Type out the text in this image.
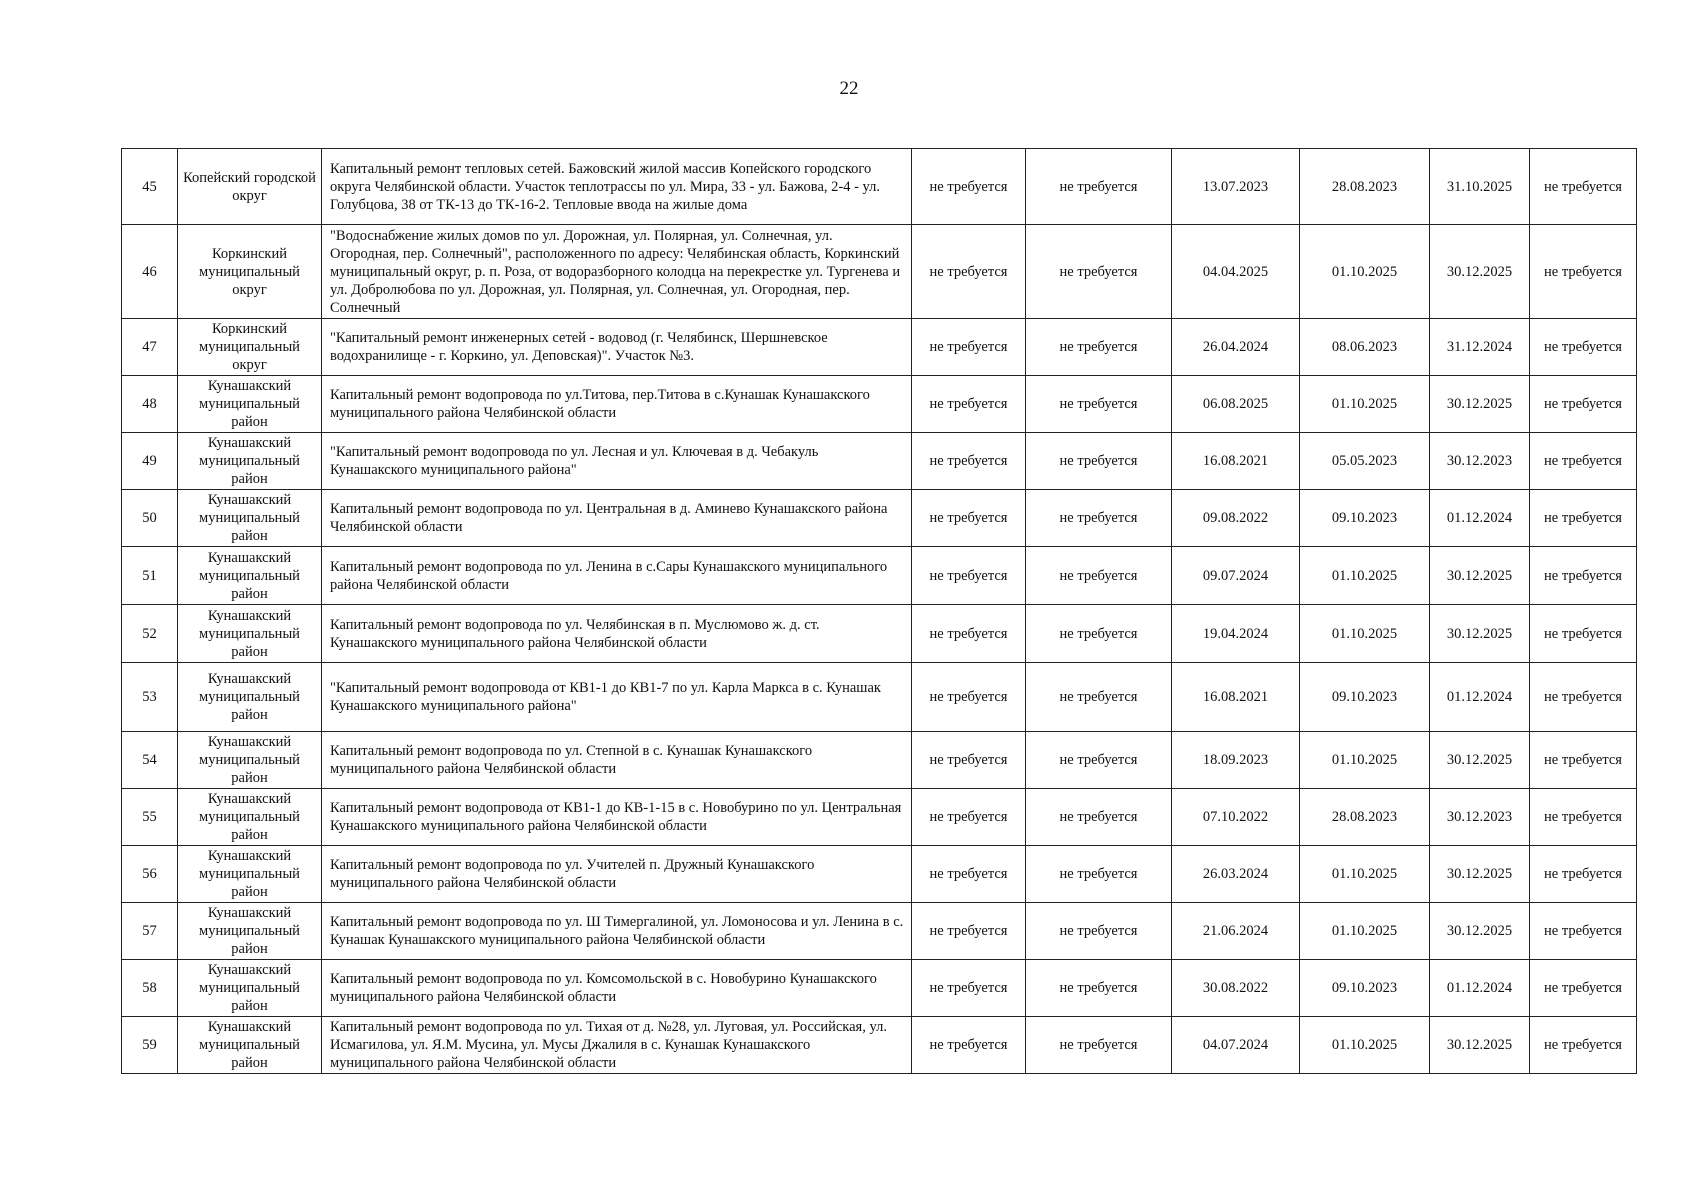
22
45	Копейский городской округ	Капитальный ремонт тепловых сетей. Бажовский жилой массив Копейского городского округа Челябинской области. Участок теплотрассы по ул. Мира, 33 - ул. Бажова, 2-4 - ул. Голубцова, 38 от ТК-13 до ТК-16-2. Тепловые ввода на жилые дома	не требуется	не требуется	13.07.2023	28.08.2023	31.10.2025	не требуется
46	Коркинский муниципальный округ	"Водоснабжение жилых домов по ул. Дорожная, ул. Полярная, ул. Солнечная, ул. Огородная, пер. Солнечный", расположенного по адресу: Челябинская область, Коркинский муниципальный округ, р. п. Роза, от водоразборного колодца на перекрестке ул. Тургенева и ул. Добролюбова по ул. Дорожная, ул. Полярная, ул. Солнечная, ул. Огородная, пер. Солнечный	не требуется	не требуется	04.04.2025	01.10.2025	30.12.2025	не требуется
47	Коркинский муниципальный округ	"Капитальный ремонт инженерных сетей - водовод (г. Челябинск, Шершневское водохранилище - г. Коркино, ул. Деповская)". Участок №3.	не требуется	не требуется	26.04.2024	08.06.2023	31.12.2024	не требуется
48	Кунашакский муниципальный район	Капитальный ремонт водопровода по ул.Титова, пер.Титова в с.Кунашак Кунашакского муниципального района Челябинской области	не требуется	не требуется	06.08.2025	01.10.2025	30.12.2025	не требуется
49	Кунашакский муниципальный район	"Капитальный ремонт водопровода по ул. Лесная и ул. Ключевая в д. Чебакуль Кунашакского муниципального района"	не требуется	не требуется	16.08.2021	05.05.2023	30.12.2023	не требуется
50	Кунашакский муниципальный район	Капитальный ремонт водопровода по ул. Центральная в д. Аминево Кунашакского района Челябинской области	не требуется	не требуется	09.08.2022	09.10.2023	01.12.2024	не требуется
51	Кунашакский муниципальный район	Капитальный ремонт водопровода по ул. Ленина в с.Сары Кунашакского муниципального района Челябинской области	не требуется	не требуется	09.07.2024	01.10.2025	30.12.2025	не требуется
52	Кунашакский муниципальный район	Капитальный ремонт водопровода по ул. Челябинская в п. Муслюмово ж. д. ст. Кунашакского муниципального района Челябинской области	не требуется	не требуется	19.04.2024	01.10.2025	30.12.2025	не требуется
53	Кунашакский муниципальный район	"Капитальный ремонт водопровода от КВ1-1 до КВ1-7 по ул. Карла Маркса в с. Кунашак Кунашакского муниципального района"	не требуется	не требуется	16.08.2021	09.10.2023	01.12.2024	не требуется
54	Кунашакский муниципальный район	Капитальный ремонт водопровода по ул. Степной в с. Кунашак Кунашакского муниципального района Челябинской области	не требуется	не требуется	18.09.2023	01.10.2025	30.12.2025	не требуется
55	Кунашакский муниципальный район	Капитальный ремонт водопровода от КВ1-1 до КВ-1-15 в с. Новобурино по ул. Центральная Кунашакского муниципального района Челябинской области	не требуется	не требуется	07.10.2022	28.08.2023	30.12.2023	не требуется
56	Кунашакский муниципальный район	Капитальный ремонт водопровода по ул. Учителей п. Дружный Кунашакского муниципального района Челябинской области	не требуется	не требуется	26.03.2024	01.10.2025	30.12.2025	не требуется
57	Кунашакский муниципальный район	Капитальный ремонт водопровода по ул. Ш Тимергалиной, ул. Ломоносова и ул. Ленина в с. Кунашак Кунашакского муниципального района Челябинской области	не требуется	не требуется	21.06.2024	01.10.2025	30.12.2025	не требуется
58	Кунашакский муниципальный район	Капитальный ремонт водопровода по ул. Комсомольской в с. Новобурино Кунашакского муниципального района Челябинской области	не требуется	не требуется	30.08.2022	09.10.2023	01.12.2024	не требуется
59	Кунашакский муниципальный район	Капитальный ремонт водопровода по ул. Тихая от д. №28, ул. Луговая, ул. Российская, ул. Исмагилова, ул. Я.М. Мусина, ул. Мусы Джалиля в с. Кунашак Кунашакского муниципального района Челябинской области	не требуется	не требуется	04.07.2024	01.10.2025	30.12.2025	не требуется
